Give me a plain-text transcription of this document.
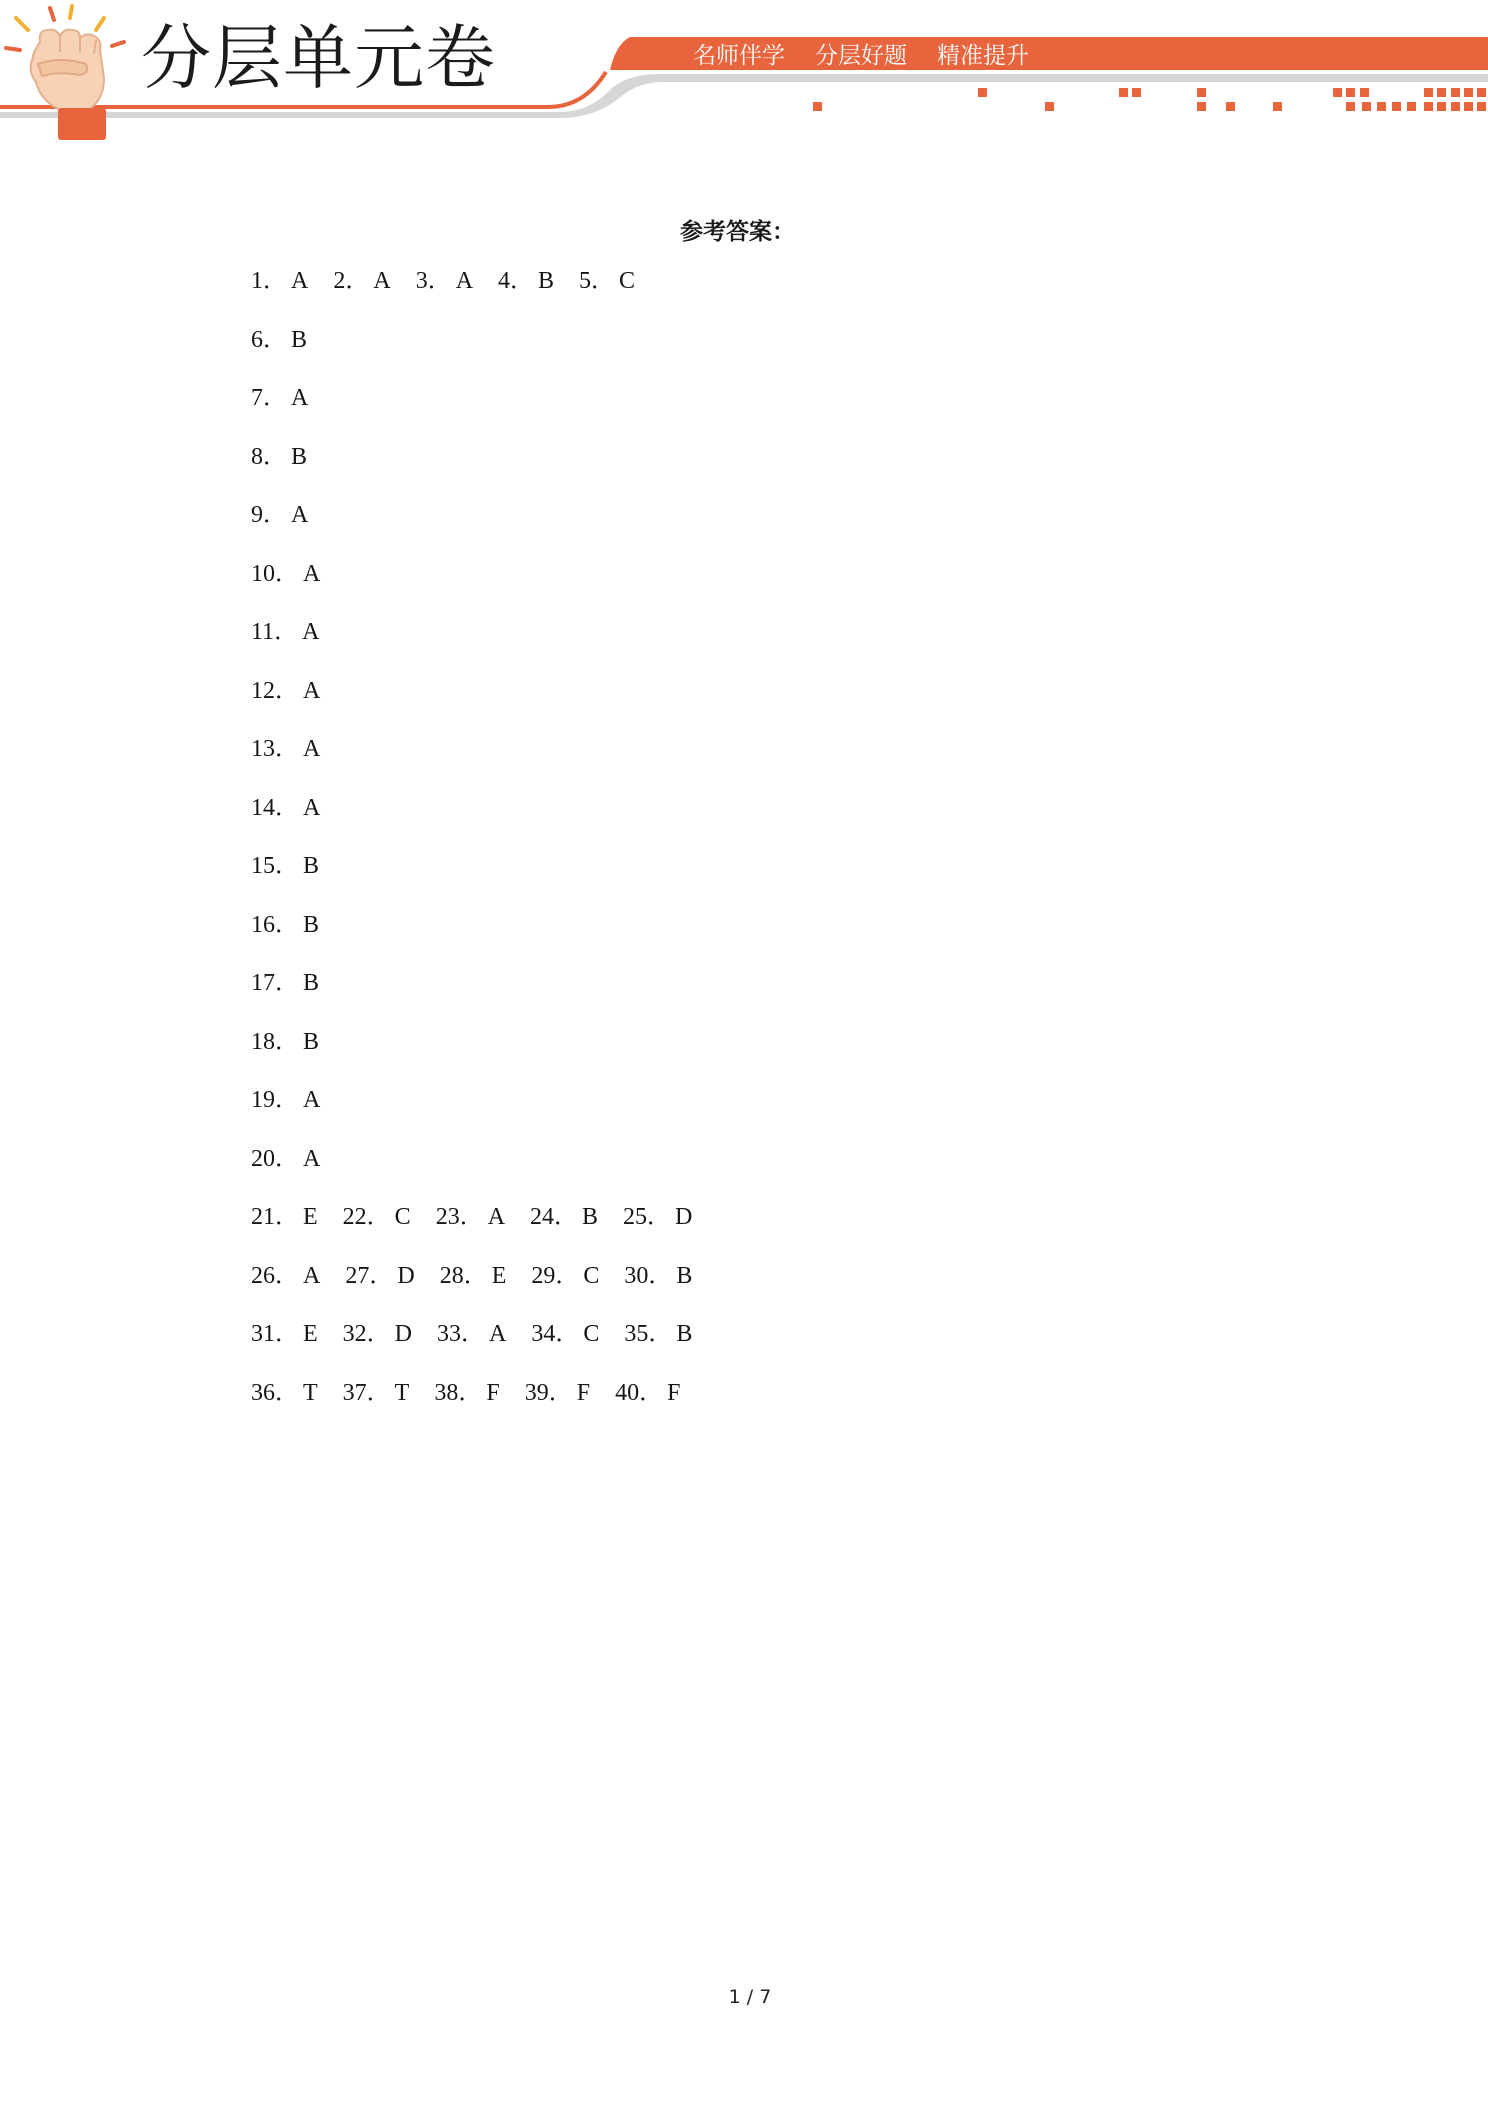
分层单元卷	名师伴学 分层好题 精准提升
参考答案：
1． A 2． A 3． A 4． B 5． C
6． B
7． A
8． B
9． A
10． A
11． A
12． A
13． A
14． A
15． B
16． B
17． B
18． B
19． A
20． A
21． E 22． C 23． A 24． B 25． D
26． A 27． D 28． E 29． C 30． B
31． E 32． D 33． A 34． C 35． B
36． T 37． T 38． F 39． F 40． F
1 / 7
